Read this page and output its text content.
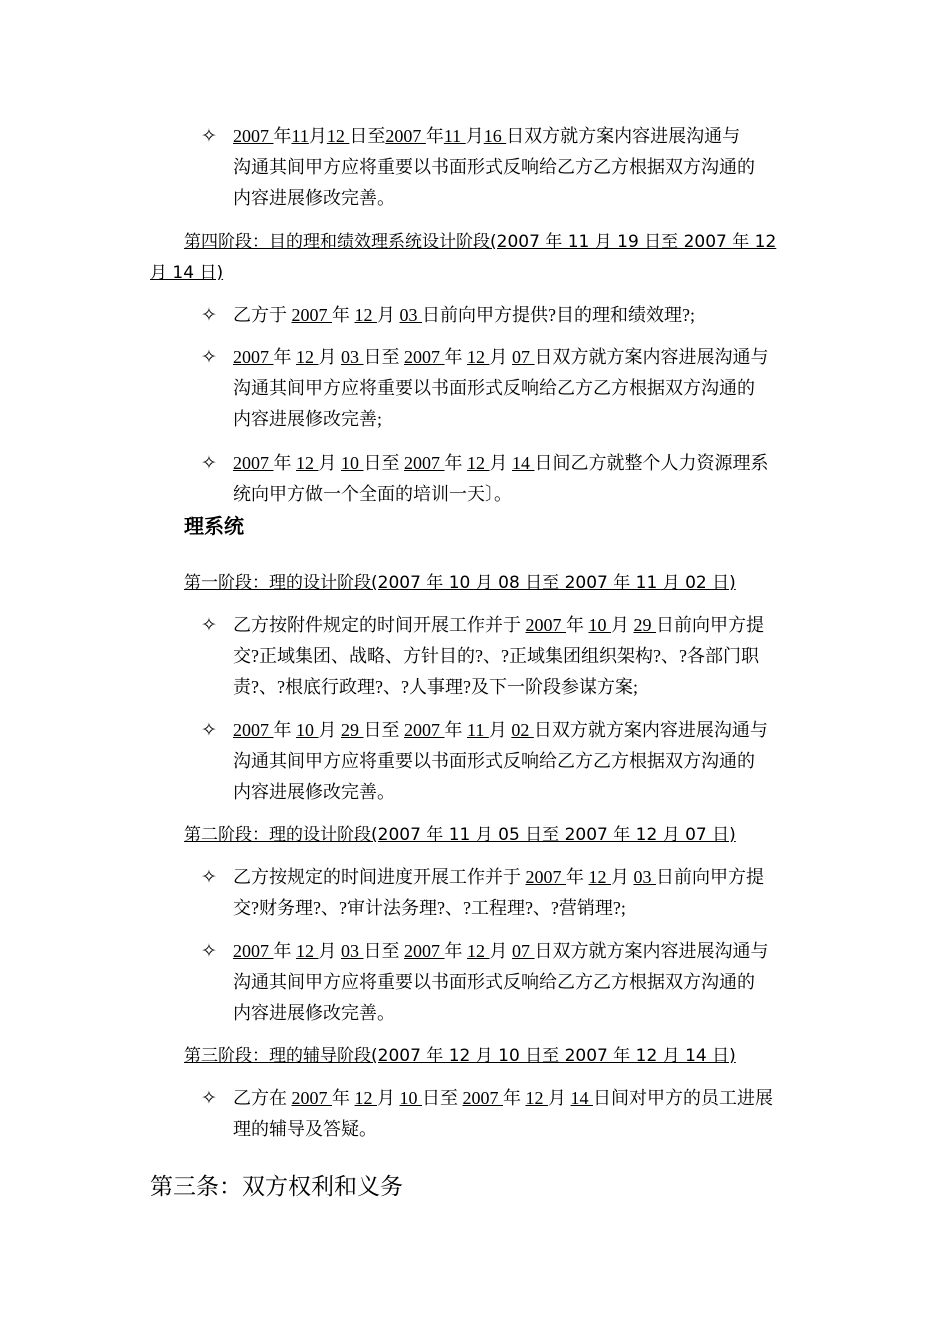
✧ 2007 年11月12 日至2007 年11 月16 日双方就方案内容进展沟通与
沟通其间甲方应将重要以书面形式反响给乙方乙方根据双方沟通的
内容进展修改完善。
第四阶段：目的理和绩效理系统设计阶段(2007 年 11 月 19 日至 2007 年 12
月 14 日)
✧ 乙方于 2007 年 12 月 03 日前向甲方提供?目的理和绩效理?;
✧ 2007 年 12 月 03 日至 2007 年 12 月 07 日双方就方案内容进展沟通与
沟通其间甲方应将重要以书面形式反响给乙方乙方根据双方沟通的
内容进展修改完善;
✧ 2007 年 12 月 10 日至 2007 年 12 月 14 日间乙方就整个人力资源理系
统向甲方做一个全面的培训一天〕。
理系统
第一阶段：理的设计阶段(2007 年 10 月 08 日至 2007 年 11 月 02 日)
✧ 乙方按附件规定的时间开展工作并于 2007 年 10 月 29 日前向甲方提
交?正域集团、战略、方针目的?、?正域集团组织架构?、?各部门职
责?、?根底行政理?、?人事理?及下一阶段参谋方案;
✧ 2007 年 10 月 29 日至 2007 年 11 月 02 日双方就方案内容进展沟通与
沟通其间甲方应将重要以书面形式反响给乙方乙方根据双方沟通的
内容进展修改完善。
第二阶段：理的设计阶段(2007 年 11 月 05 日至 2007 年 12 月 07 日)
✧ 乙方按规定的时间进度开展工作并于 2007 年 12 月 03 日前向甲方提
交?财务理?、?审计法务理?、?工程理?、?营销理?;
✧ 2007 年 12 月 03 日至 2007 年 12 月 07 日双方就方案内容进展沟通与
沟通其间甲方应将重要以书面形式反响给乙方乙方根据双方沟通的
内容进展修改完善。
第三阶段：理的辅导阶段(2007 年 12 月 10 日至 2007 年 12 月 14 日)
✧ 乙方在 2007 年 12 月 10 日至 2007 年 12 月 14 日间对甲方的员工进展
理的辅导及答疑。
第三条：双方权利和义务
